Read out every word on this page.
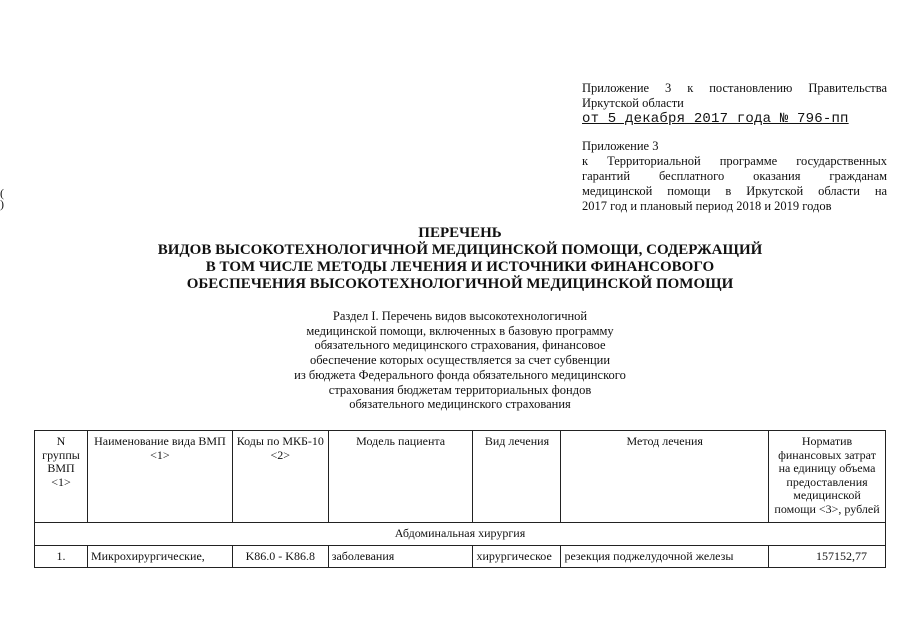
Приложение 3 к постановлению Правительства
Иркутской области
от 5 декабря 2017 года № 796-пп
Приложение 3
к Территориальной программе государственных
гарантий бесплатного оказания гражданам
медицинской помощи в Иркутской области на
2017 год и плановый период 2018 и 2019 годов
(
)
ПЕРЕЧЕНЬ
ВИДОВ ВЫСОКОТЕХНОЛОГИЧНОЙ МЕДИЦИНСКОЙ ПОМОЩИ, СОДЕРЖАЩИЙ
В ТОМ ЧИСЛЕ МЕТОДЫ ЛЕЧЕНИЯ И ИСТОЧНИКИ ФИНАНСОВОГО
ОБЕСПЕЧЕНИЯ ВЫСОКОТЕХНОЛОГИЧНОЙ МЕДИЦИНСКОЙ ПОМОЩИ
Раздел I. Перечень видов высокотехнологичной
медицинской помощи, включенных в базовую программу
обязательного медицинского страхования, финансовое
обеспечение которых осуществляется за счет субвенции
из бюджета Федерального фонда обязательного медицинского
страхования бюджетам территориальных фондов
обязательного медицинского страхования
N группы ВМП <1>	Наименование вида ВМП <1>	Коды по МКБ-10 <2>	Модель пациента	Вид лечения	Метод лечения	Норматив финансовых затрат на единицу объема предоставления медицинской помощи <3>, рублей
Абдоминальная хирургия						
1.	Микрохирургические,	K86.0 - K86.8	заболевания	хирургическое	резекция поджелудочной железы	157152,77
